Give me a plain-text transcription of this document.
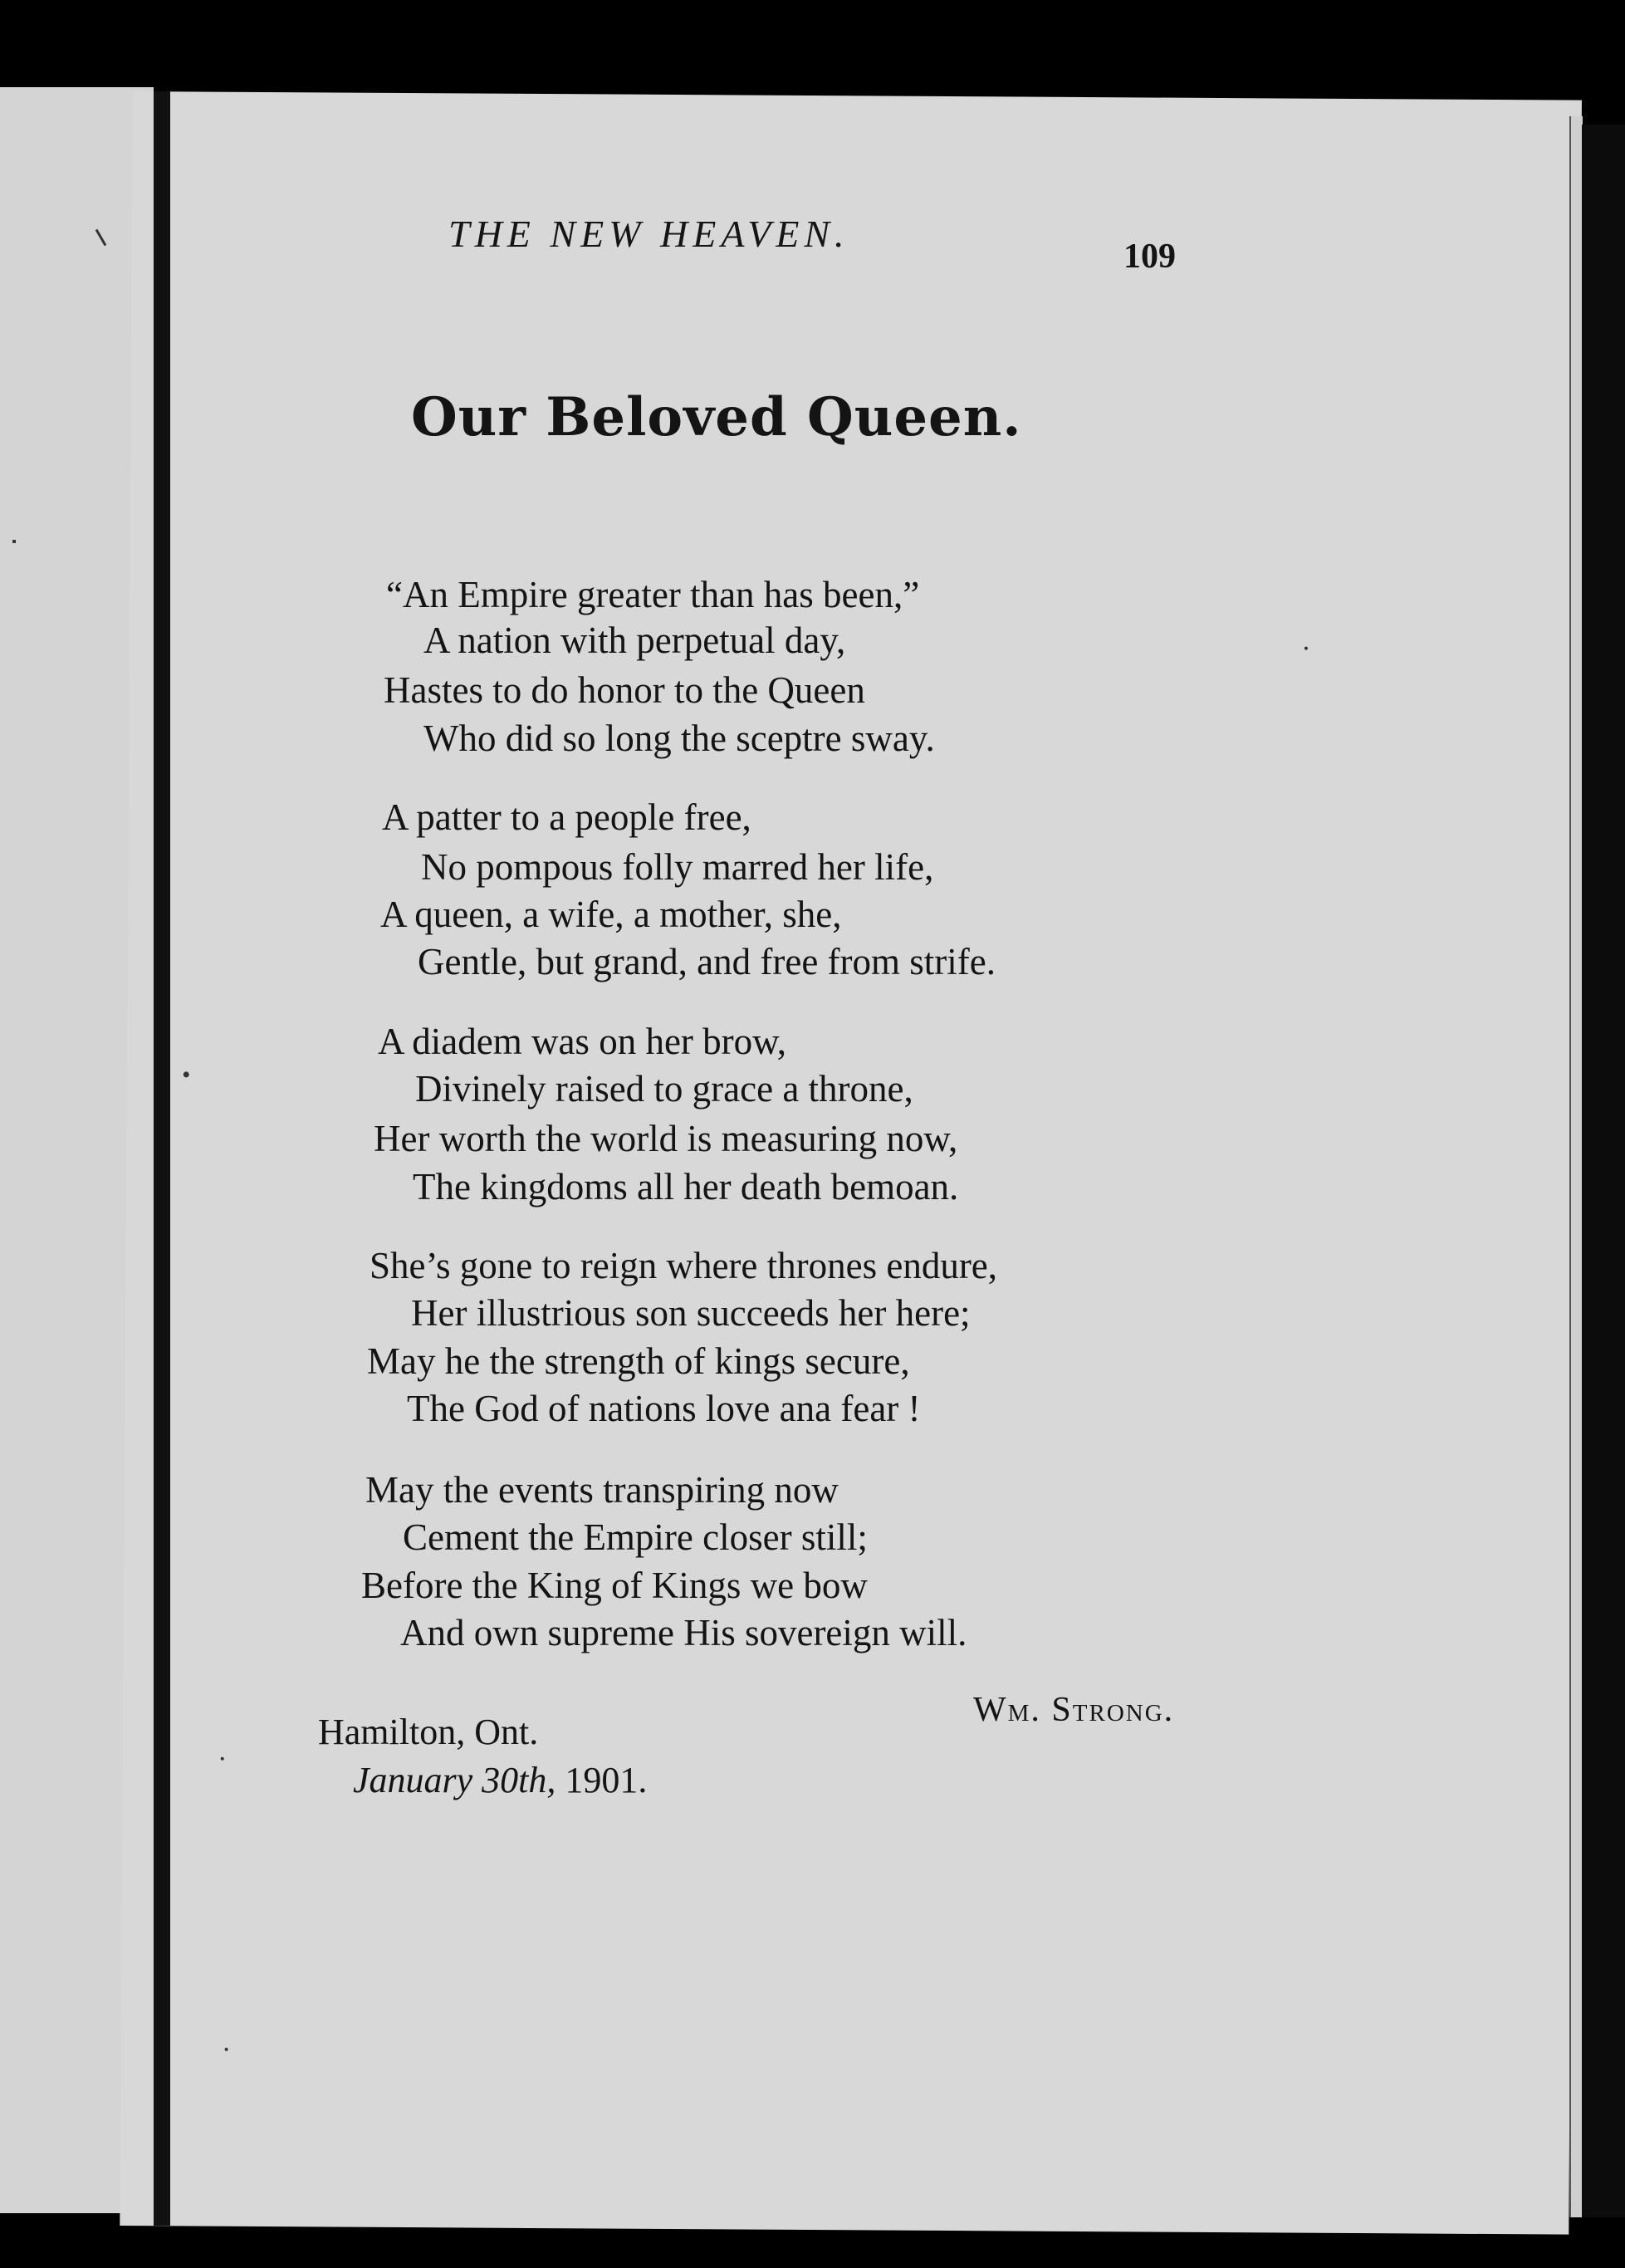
THE NEW HEAVEN.
109
Our Beloved Queen.
“An Empire greater than has been,”
A nation with perpetual day,
Hastes to do honor to the Queen
Who did so long the sceptre sway.
A patter to a people free,
No pompous folly marred her life,
A queen, a wife, a mother, she,
Gentle, but grand, and free from strife.
A diadem was on her brow,
Divinely raised to grace a throne,
Her worth the world is measuring now,
The kingdoms all her death bemoan.
She’s gone to reign where thrones endure,
Her illustrious son succeeds her here;
May he the strength of kings secure,
The God of nations love ana fear !
May the events transpiring now
Cement the Empire closer still;
Before the King of Kings we bow
And own supreme His sovereign will.
Wm. Strong.
Hamilton, Ont.
January 30th, 1901.
